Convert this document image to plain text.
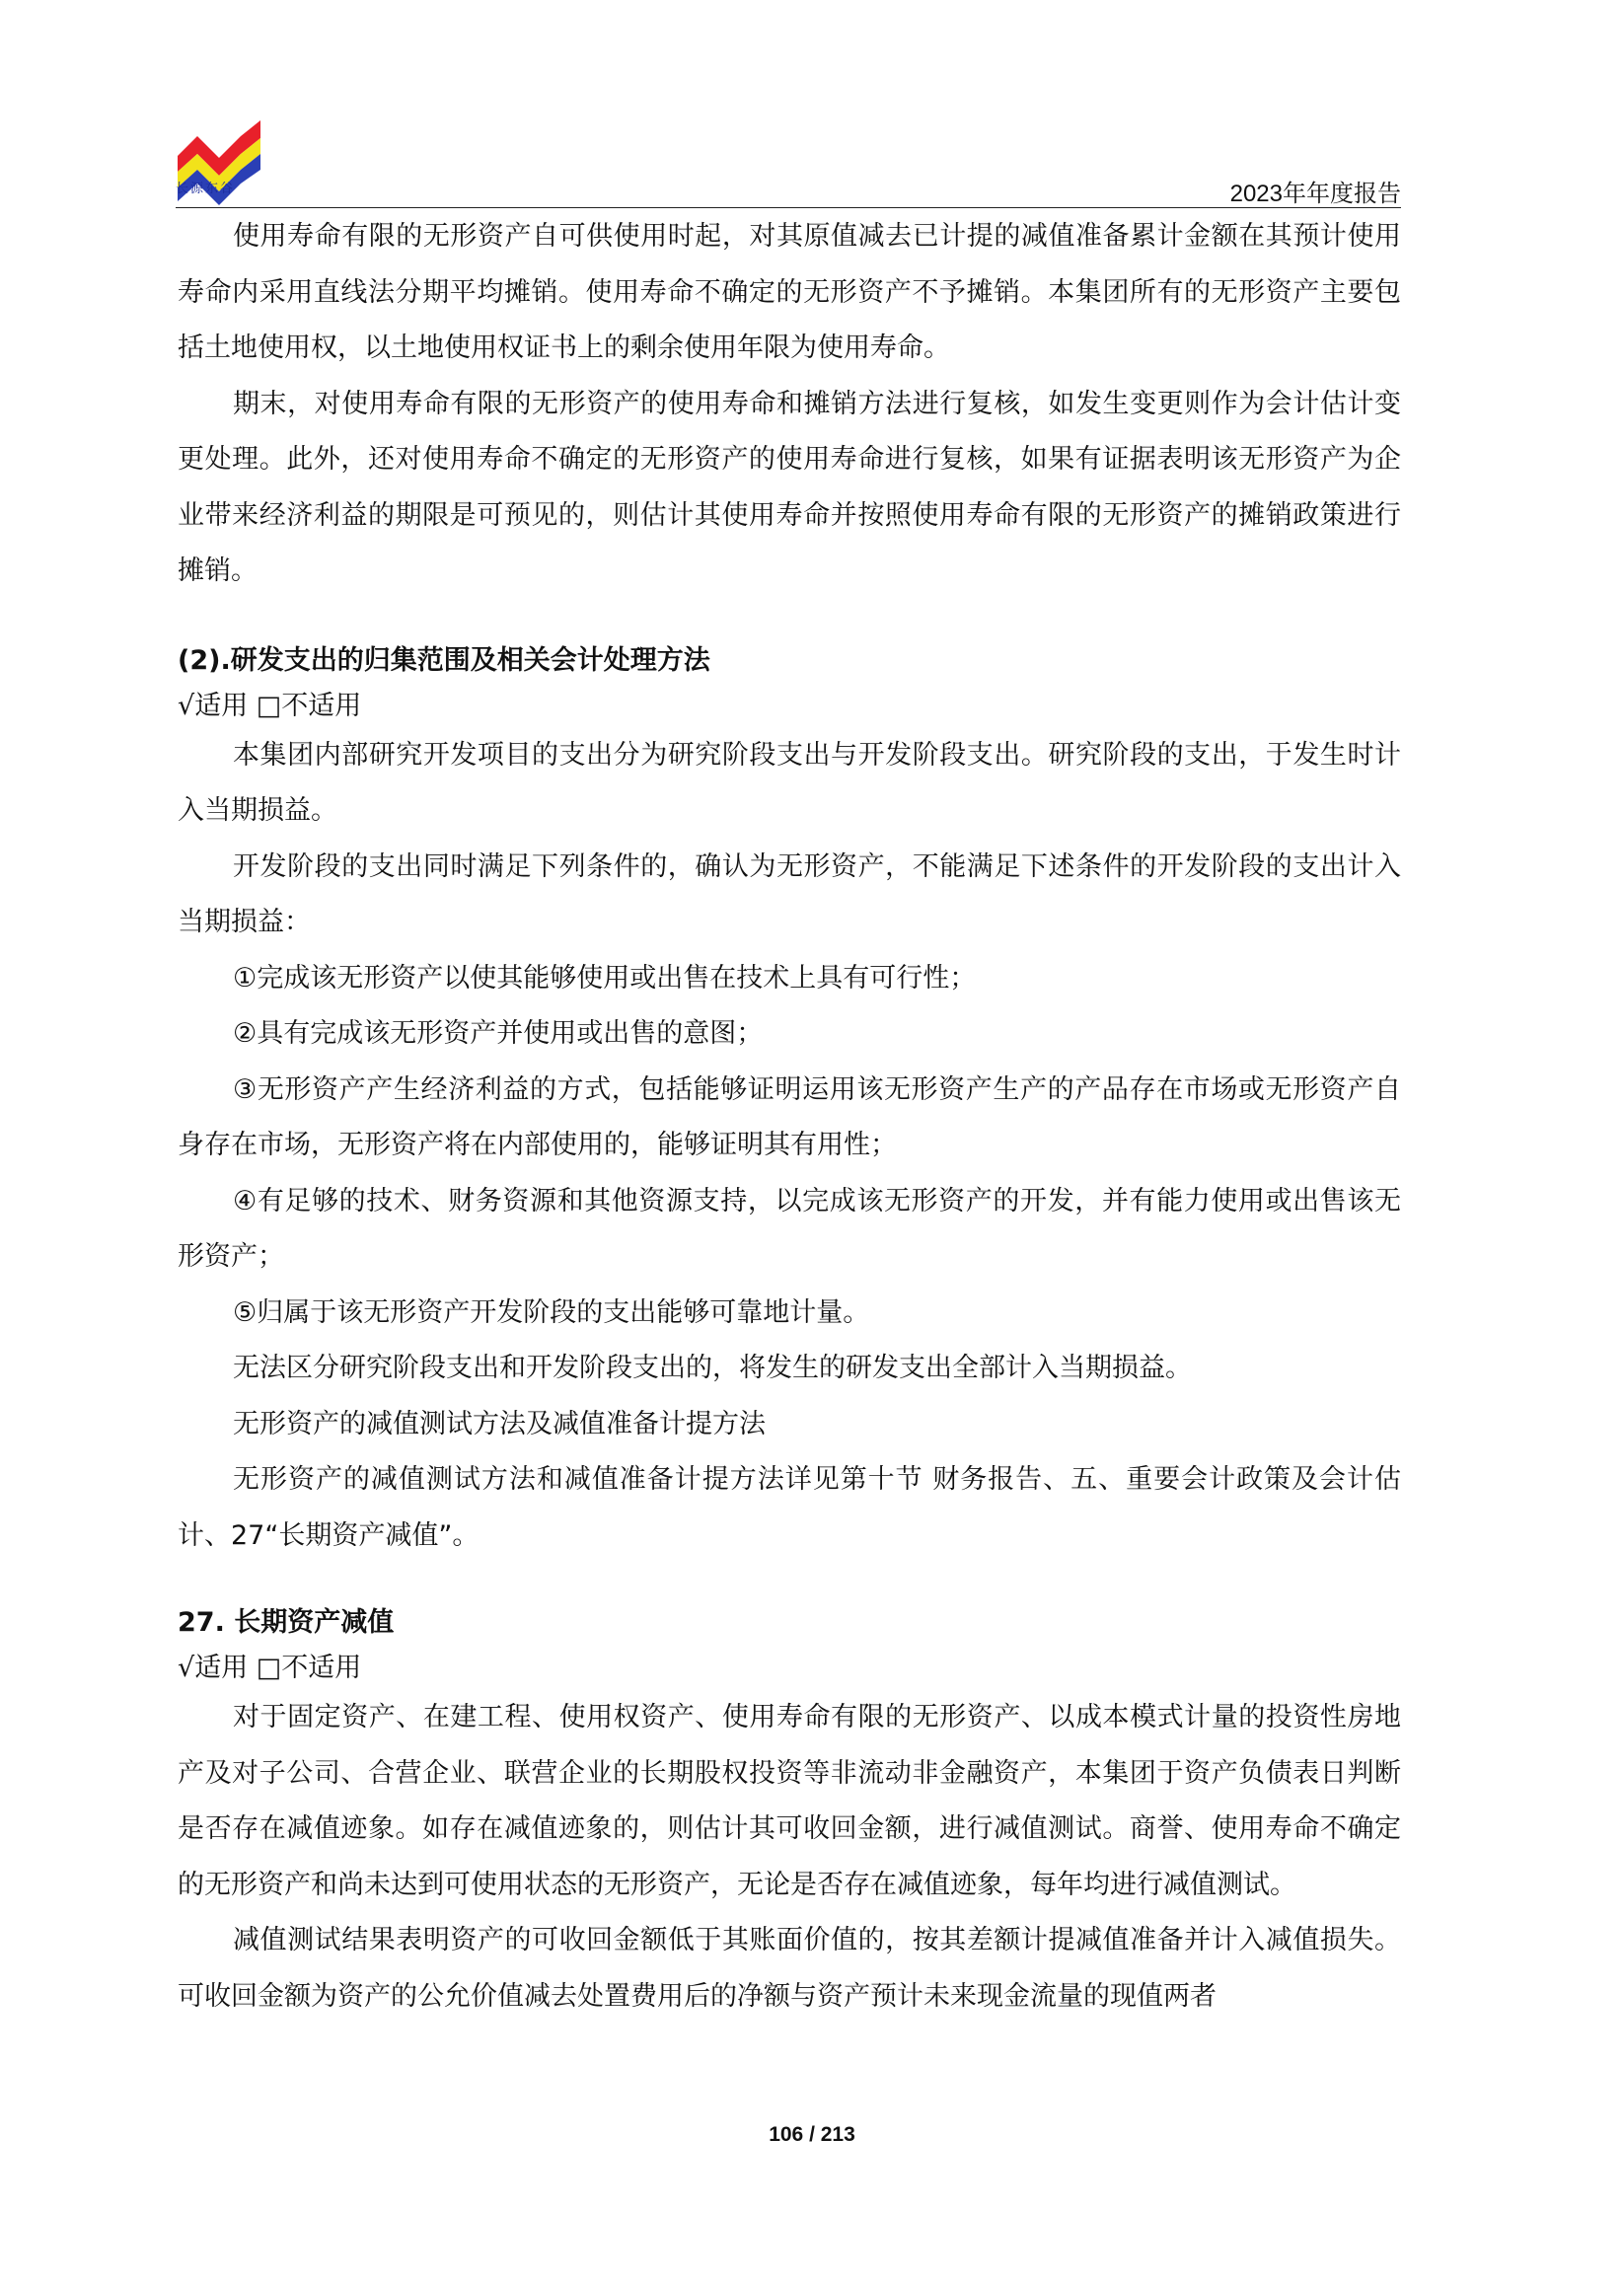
长源东谷	2023年年度报告

使用寿命有限的无形资产自可供使用时起，对其原值减去已计提的减值准备累计金额在其预计使用寿命内采用直线法分期平均摊销。使用寿命不确定的无形资产不予摊销。本集团所有的无形资产主要包括土地使用权，以土地使用权证书上的剩余使用年限为使用寿命。

期末，对使用寿命有限的无形资产的使用寿命和摊销方法进行复核，如发生变更则作为会计估计变更处理。此外，还对使用寿命不确定的无形资产的使用寿命进行复核，如果有证据表明该无形资产为企业带来经济利益的期限是可预见的，则估计其使用寿命并按照使用寿命有限的无形资产的摊销政策进行摊销。

(2).研发支出的归集范围及相关会计处理方法

√适用 □不适用

本集团内部研究开发项目的支出分为研究阶段支出与开发阶段支出。研究阶段的支出，于发生时计入当期损益。

开发阶段的支出同时满足下列条件的，确认为无形资产，不能满足下述条件的开发阶段的支出计入当期损益：

①完成该无形资产以使其能够使用或出售在技术上具有可行性；

②具有完成该无形资产并使用或出售的意图；

③无形资产产生经济利益的方式，包括能够证明运用该无形资产生产的产品存在市场或无形资产自身存在市场，无形资产将在内部使用的，能够证明其有用性；

④有足够的技术、财务资源和其他资源支持，以完成该无形资产的开发，并有能力使用或出售该无形资产；

⑤归属于该无形资产开发阶段的支出能够可靠地计量。

无法区分研究阶段支出和开发阶段支出的，将发生的研发支出全部计入当期损益。

无形资产的减值测试方法及减值准备计提方法

无形资产的减值测试方法和减值准备计提方法详见第十节 财务报告、五、重要会计政策及会计估计、27“长期资产减值”。

27. 长期资产减值

√适用 □不适用

对于固定资产、在建工程、使用权资产、使用寿命有限的无形资产、以成本模式计量的投资性房地产及对子公司、合营企业、联营企业的长期股权投资等非流动非金融资产，本集团于资产负债表日判断是否存在减值迹象。如存在减值迹象的，则估计其可收回金额，进行减值测试。商誉、使用寿命不确定的无形资产和尚未达到可使用状态的无形资产，无论是否存在减值迹象，每年均进行减值测试。

减值测试结果表明资产的可收回金额低于其账面价值的，按其差额计提减值准备并计入减值损失。可收回金额为资产的公允价值减去处置费用后的净额与资产预计未来现金流量的现值两者

106 / 213
